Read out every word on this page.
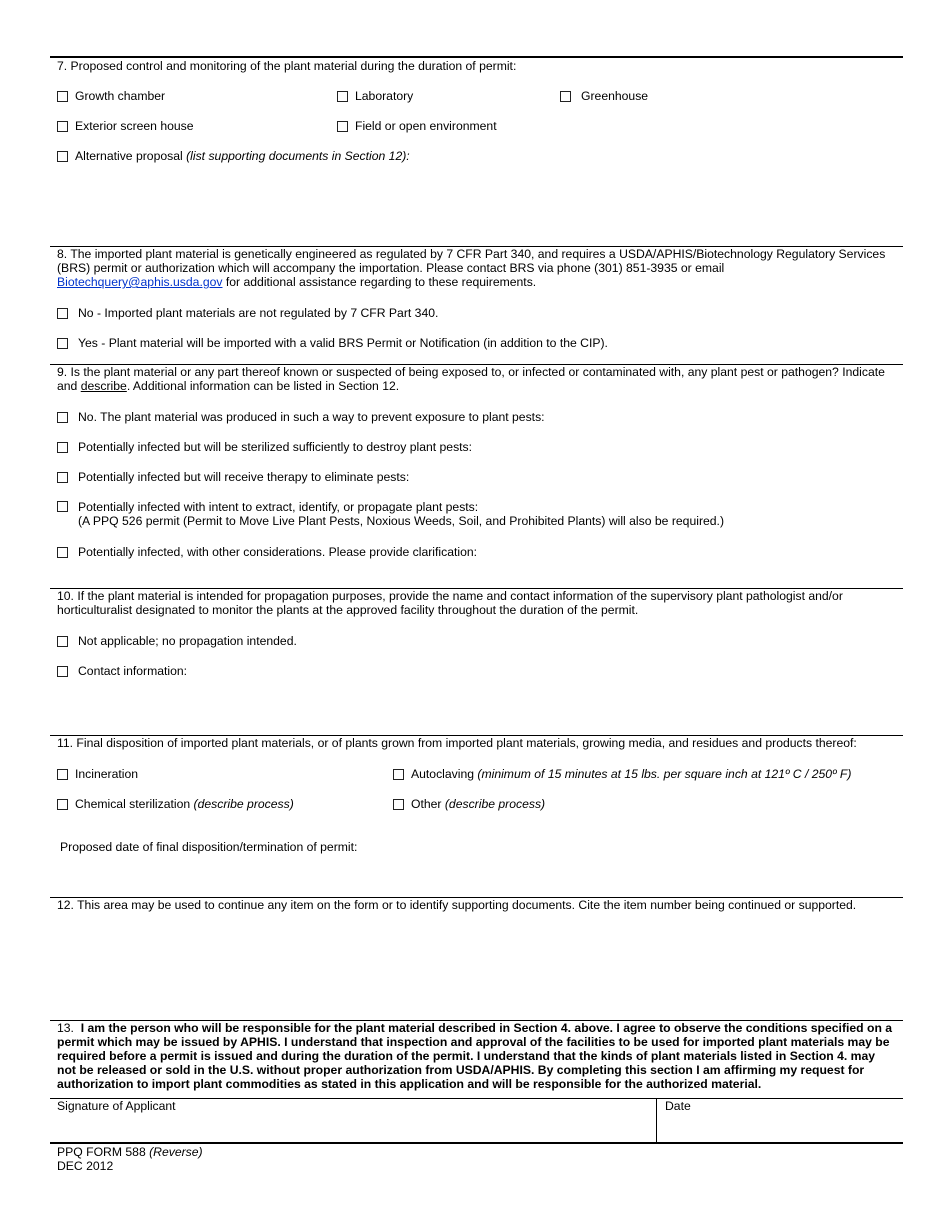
7. Proposed control and monitoring of the plant material during the duration of permit:
Growth chamber	Laboratory	Greenhouse
Exterior screen house	Field or open environment
Alternative proposal (list supporting documents in Section 12):
8. The imported plant material is genetically engineered as regulated by 7 CFR Part 340, and requires a USDA/APHIS/Biotechnology Regulatory Services (BRS) permit or authorization which will accompany the importation. Please contact BRS via phone (301) 851-3935 or email Biotechquery@aphis.usda.gov for additional assistance regarding to these requirements.
No - Imported plant materials are not regulated by 7 CFR Part 340.
Yes - Plant material will be imported with a valid BRS Permit or Notification (in addition to the CIP).
9. Is the plant material or any part thereof known or suspected of being exposed to, or infected or contaminated with, any plant pest or pathogen? Indicate and describe. Additional information can be listed in Section 12.
No. The plant material was produced in such a way to prevent exposure to plant pests:
Potentially infected but will be sterilized sufficiently to destroy plant pests:
Potentially infected but will receive therapy to eliminate pests:
Potentially infected with intent to extract, identify, or propagate plant pests:
(A PPQ 526 permit (Permit to Move Live Plant Pests, Noxious Weeds, Soil, and Prohibited Plants) will also be required.)
Potentially infected, with other considerations. Please provide clarification:
10. If the plant material is intended for propagation purposes, provide the name and contact information of the supervisory plant pathologist and/or horticulturalist designated to monitor the plants at the approved facility throughout the duration of the permit.
Not applicable; no propagation intended.
Contact information:
11. Final disposition of imported plant materials, or of plants grown from imported plant materials, growing media, and residues and products thereof:
Incineration	Autoclaving (minimum of 15 minutes at 15 lbs. per square inch at 121º C / 250º F)
Chemical sterilization (describe process)	Other (describe process)
Proposed date of final disposition/termination of permit:
12. This area may be used to continue any item on the form or to identify supporting documents. Cite the item number being continued or supported.
13.  I am the person who will be responsible for the plant material described in Section 4. above. I agree to observe the conditions specified on a permit which may be issued by APHIS. I understand that inspection and approval of the facilities to be used for imported plant materials may be required before a permit is issued and during the duration of the permit. I understand that the kinds of plant materials listed in Section 4. may not be released or sold in the U.S. without proper authorization from USDA/APHIS. By completing this section I am affirming my request for authorization to import plant commodities as stated in this application and will be responsible for the authorized material.
Signature of Applicant	Date
PPQ FORM 588 (Reverse)
DEC 2012
